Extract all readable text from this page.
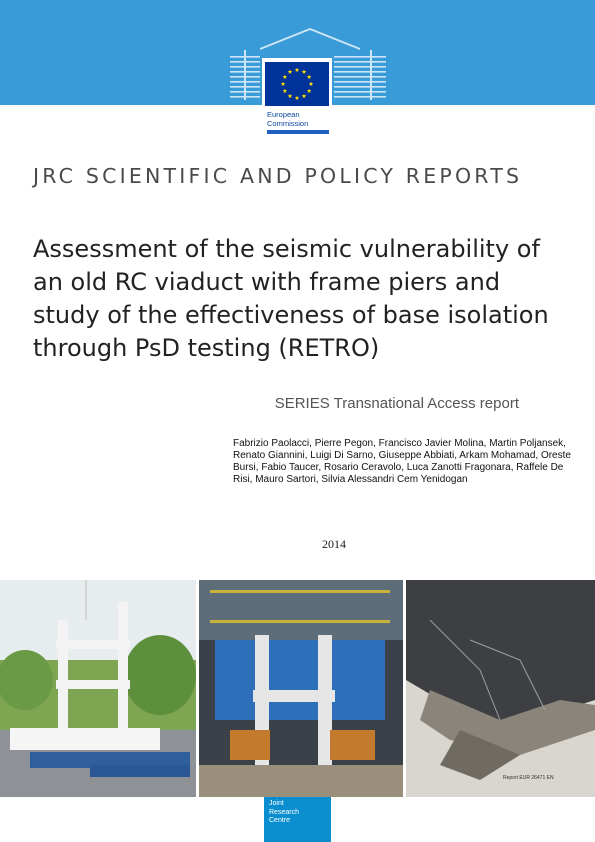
European
Commission
JRC SCIENTIFIC AND POLICY REPORTS
Assessment of the seismic vulnerability of an old RC viaduct with frame piers and study of the effectiveness of base isolation through PsD testing (RETRO)
SERIES Transnational Access report
Fabrizio Paolacci, Pierre Pegon, Francisco Javier Molina, Martin Poljansek, Renato Giannini, Luigi Di Sarno, Giuseppe Abbiati, Arkam Mohamad, Oreste Bursi, Fabio Taucer, Rosario Ceravolo, Luca Zanotti Fragonara, Raffele De Risi, Mauro Sartori, Silvia Alessandri Cem Yenidogan
2014
Report EUR 26471 EN
Joint
Research
Centre
